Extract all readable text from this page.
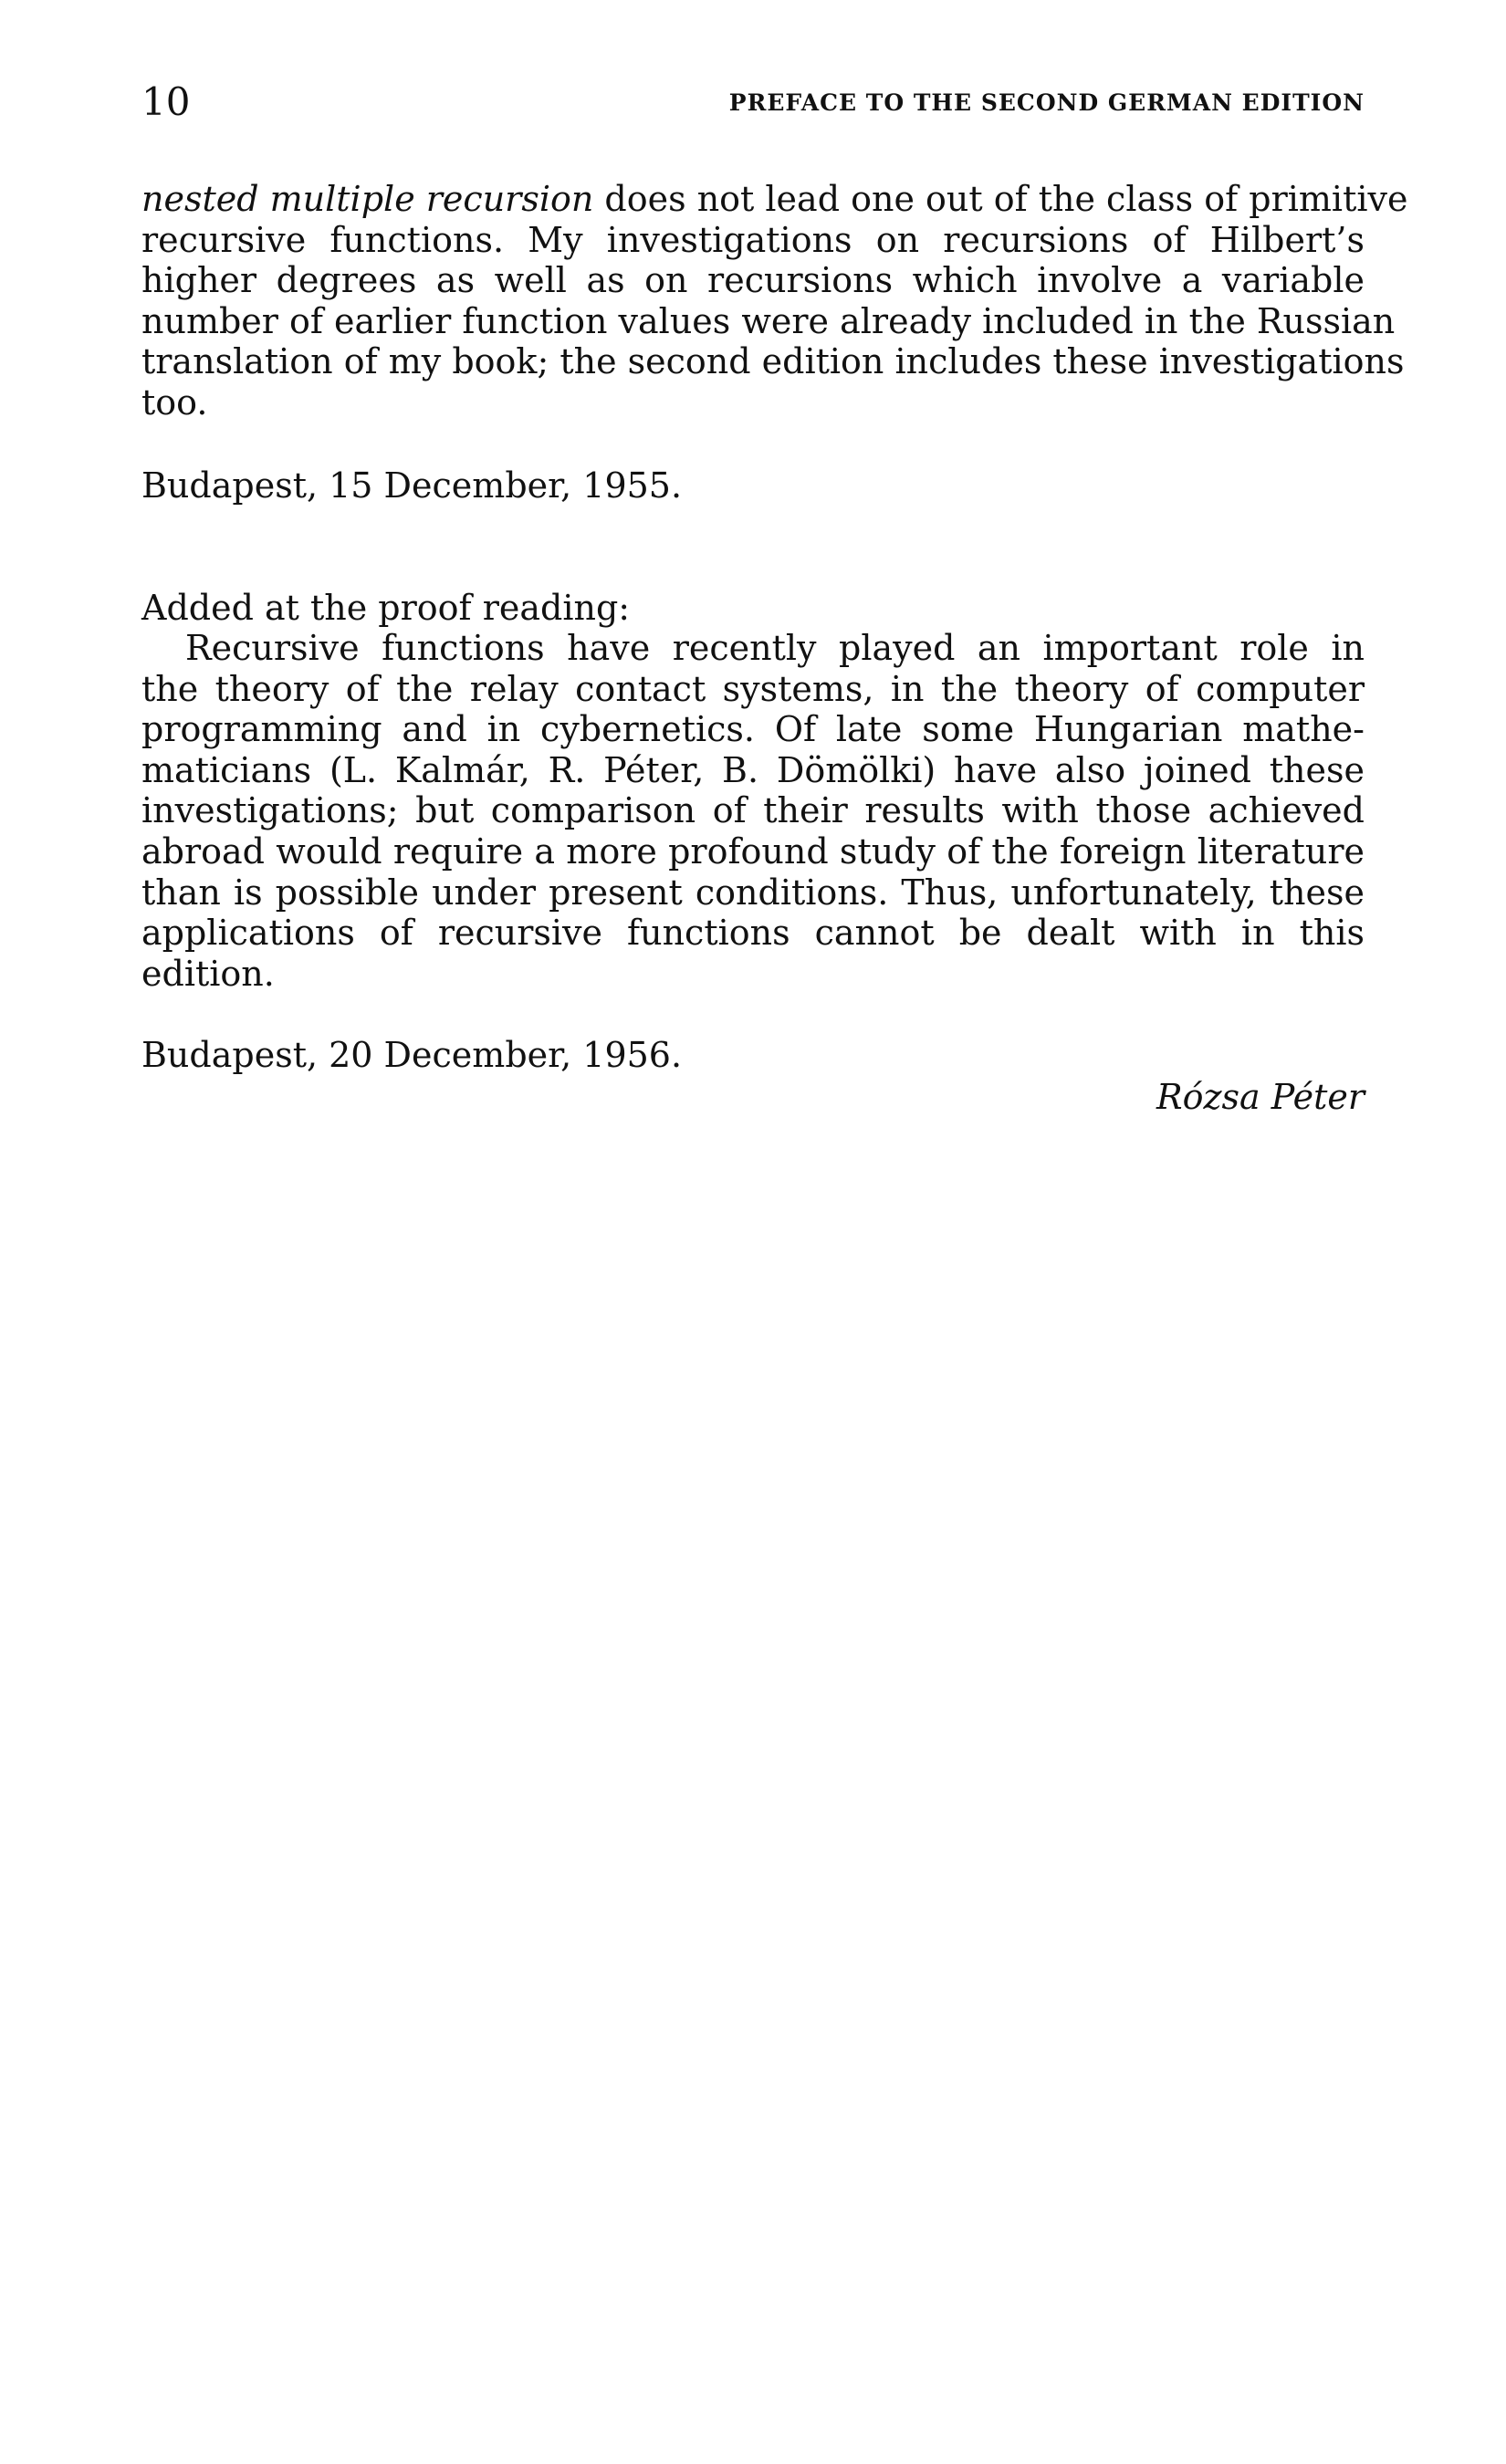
10	PREFACE TO THE SECOND GERMAN EDITION
nested multiple recursion does not lead one out of the class of primitive
recursive functions. My investigations on recursions of Hilbert’s
higher degrees as well as on recursions which involve a variable
number of earlier function values were already included in the Russian
translation of my book; the second edition includes these investigations
too.
Budapest, 15 December, 1955.
Added at the proof reading:
Recursive functions have recently played an important role in
the theory of the relay contact systems, in the theory of computer
programming and in cybernetics. Of late some Hungarian mathe-
maticians (L. Kalmár, R. Péter, B. Dömölki) have also joined these
investigations; but comparison of their results with those achieved
abroad would require a more profound study of the foreign literature
than is possible under present conditions. Thus, unfortunately, these
applications of recursive functions cannot be dealt with in this
edition.
Budapest, 20 December, 1956.
Rózsa Péter
